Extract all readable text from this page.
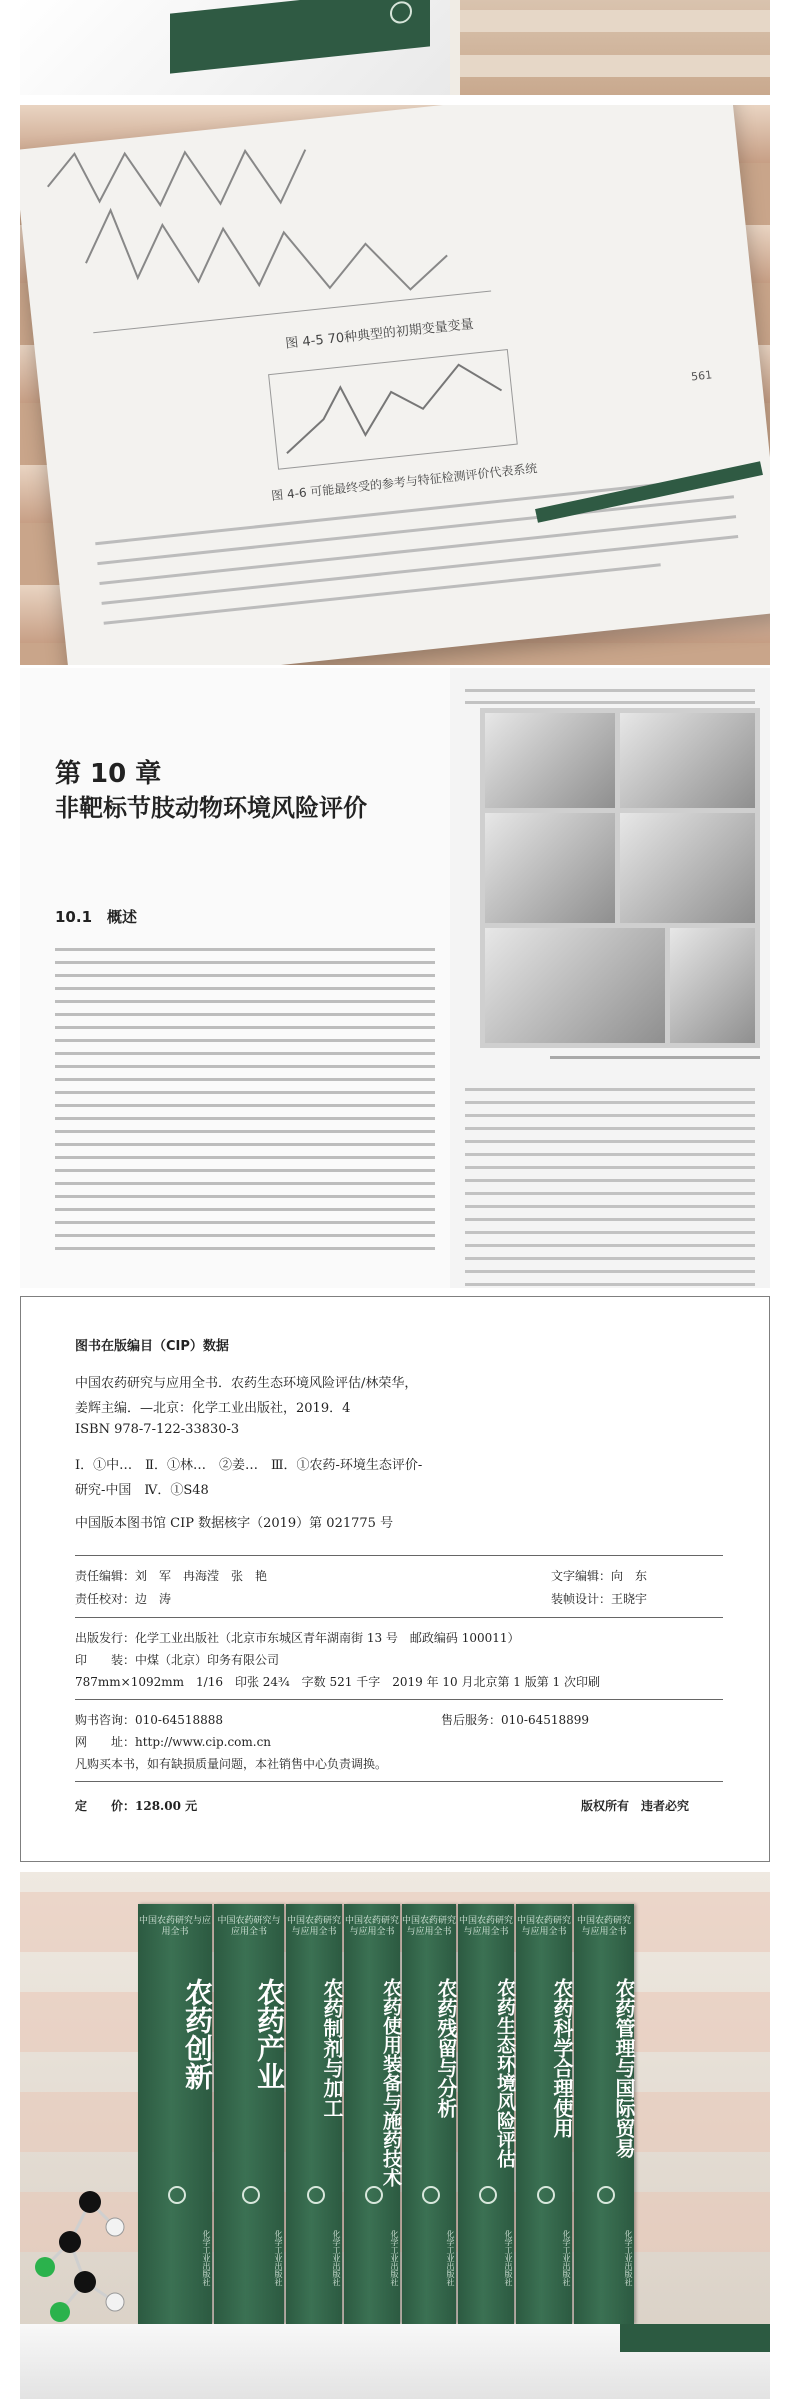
图 4-5 70种典型的初期变量变量
图 4-6 可能最终受的参考与特征检测评价代表系统
561
第 10 章
非靶标节肢动物环境风险评价
10.1　概述
图书在版编目（CIP）数据
中国农药研究与应用全书．农药生态环境风险评估/林荣华，
姜辉主编．—北京：化学工业出版社，2019．4
ISBN 978-7-122-33830-3
Ⅰ．①中…　Ⅱ．①林…　②姜…　Ⅲ．①农药-环境生态评价-
研究-中国　Ⅳ．①S48
中国版本图书馆 CIP 数据核字（2019）第 021775 号
责任编辑：刘　军　冉海滢　张　艳	文字编辑：向　东
责任校对：边　涛	装帧设计：王晓宇
出版发行：化学工业出版社（北京市东城区青年湖南街 13 号　邮政编码 100011）
印　　装：中煤（北京）印务有限公司
787mm×1092mm　1/16　印张 24¾　字数 521 千字　2019 年 10 月北京第 1 版第 1 次印刷
购书咨询：010-64518888	售后服务：010-64518899
网　　址：http://www.cip.com.cn
凡购买本书，如有缺损质量问题，本社销售中心负责调换。
定　　价：128.00 元	版权所有　违者必究
中国农药研究与应用全书
农药创新
化学工业出版社
中国农药研究与应用全书
农药产业
化学工业出版社
中国农药研究与应用全书
农药制剂与加工
化学工业出版社
中国农药研究与应用全书
农药使用装备与施药技术
化学工业出版社
中国农药研究与应用全书
农药残留与分析
化学工业出版社
中国农药研究与应用全书
农药生态环境风险评估
化学工业出版社
中国农药研究与应用全书
农药科学合理使用
化学工业出版社
中国农药研究与应用全书
农药管理与国际贸易
化学工业出版社
